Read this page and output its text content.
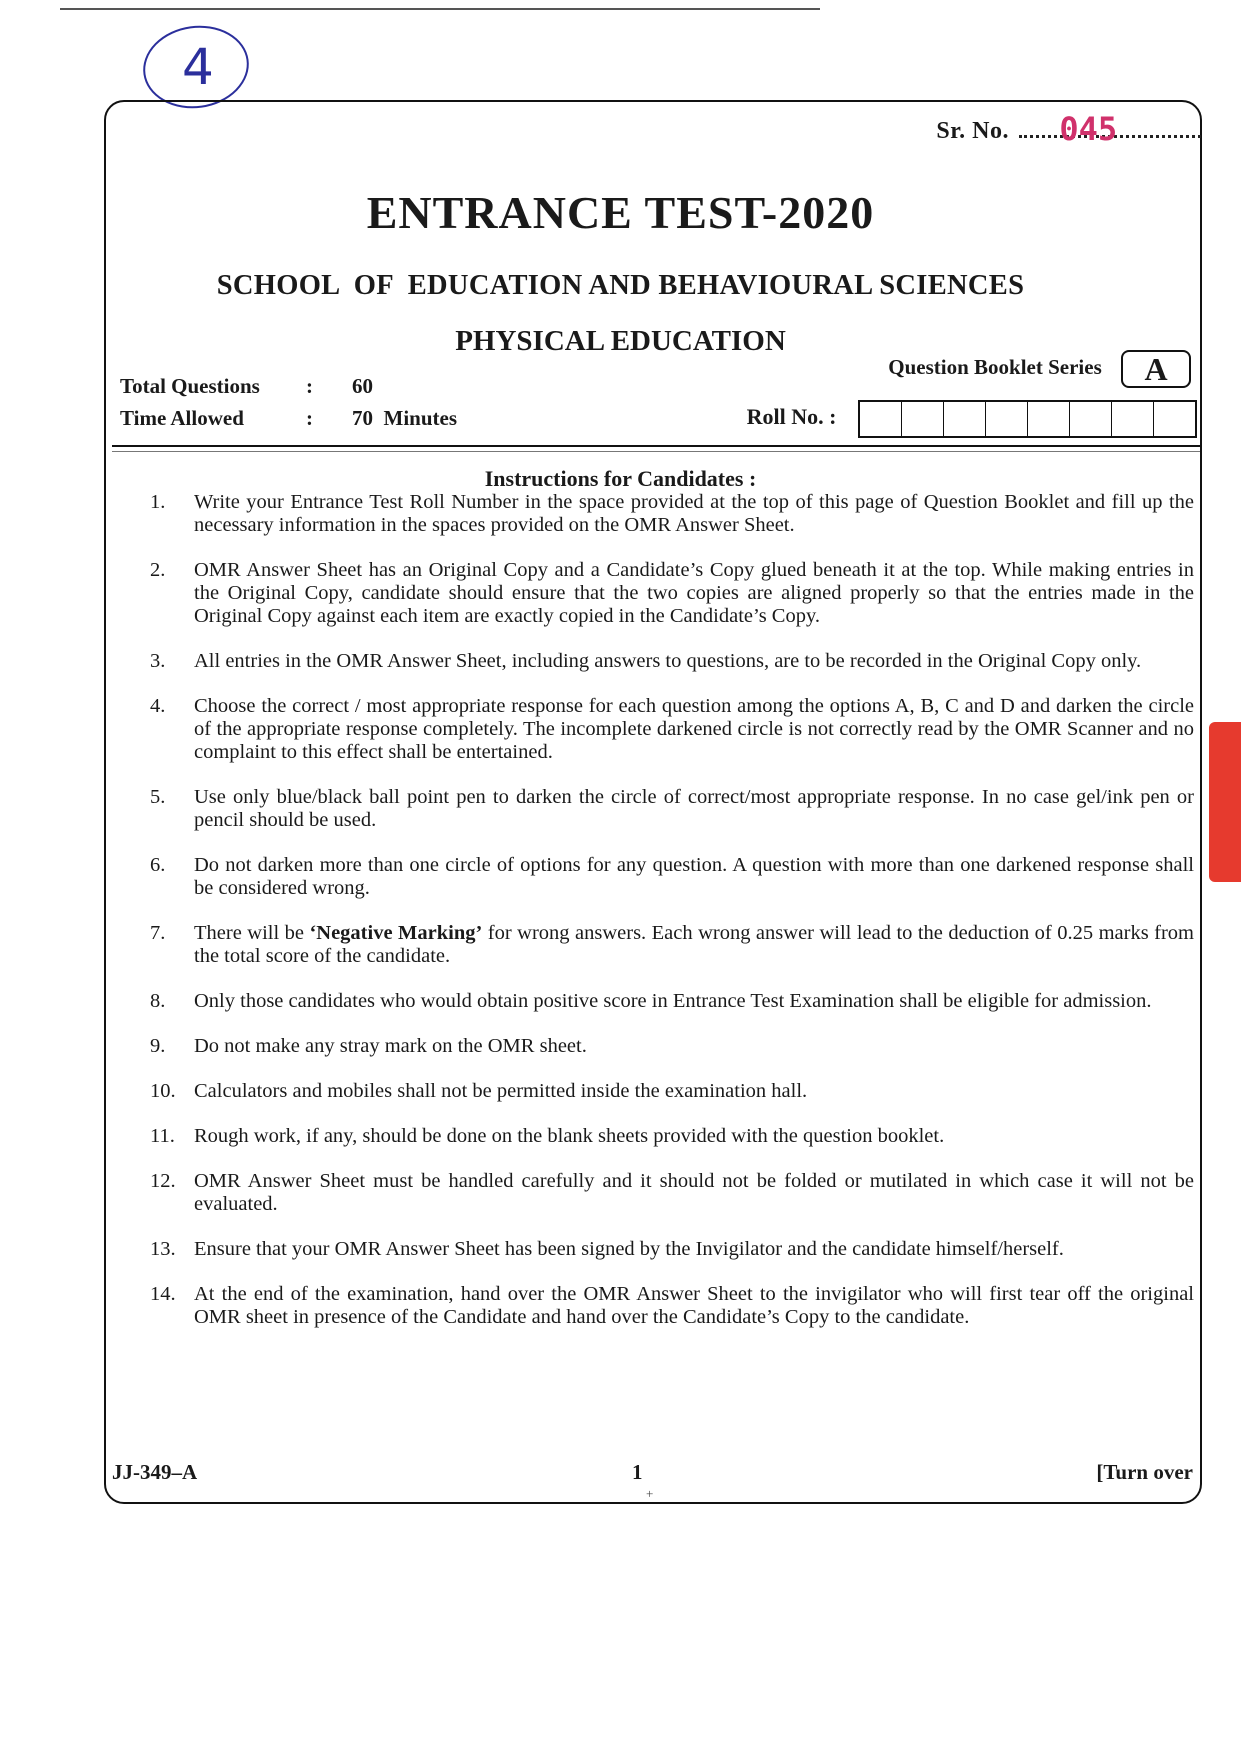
4
Sr. No. 045
ENTRANCE TEST-2020
SCHOOL  OF  EDUCATION AND BEHAVIOURAL SCIENCES
PHYSICAL EDUCATION
Question Booklet Series A
Total Questions : 60
Time Allowed	: 70  Minutes	Roll No. :
Instructions for Candidates :
1.	Write your Entrance Test Roll Number in the space provided at the top of this page of Question Booklet and fill up the necessary information in the spaces provided on the OMR Answer Sheet.
2.	OMR Answer Sheet has an Original Copy and a Candidate’s Copy glued beneath it at the top. While making entries in the Original Copy, candidate should ensure that the two copies are aligned properly so that the entries made in the Original Copy against each item are exactly copied in the Candidate’s Copy.
3.	All entries in the OMR Answer Sheet, including answers to questions, are to be recorded in the Original Copy only.
4.	Choose the correct / most appropriate response for each question among the options A, B, C and D and darken the circle of the appropriate response completely. The incomplete darkened circle is not correctly read by the OMR Scanner and no complaint to this effect shall be entertained.
5.	Use only blue/black ball point pen to darken the circle of correct/most appropriate response. In no case gel/ink pen or pencil should be used.
6.	Do not darken more than one circle of options for any question. A question with more than one darkened response shall be considered wrong.
7.	There will be ‘Negative Marking’ for wrong answers. Each wrong answer will lead to the deduction of 0.25 marks from the total score of the candidate.
8.	Only those candidates who would obtain positive score in Entrance Test Examination shall be eligible for admission.
9.	Do not make any stray mark on the OMR sheet.
10. Calculators and mobiles shall not be permitted inside the examination hall.
11. Rough work, if any, should be done on the blank sheets provided with the question booklet.
12. OMR Answer Sheet must be handled carefully and it should not be folded or mutilated in which case it will not be evaluated.
13. Ensure that your OMR Answer Sheet has been signed by the Invigilator and the candidate himself/herself.
14. At the end of the examination, hand over the OMR Answer Sheet to the invigilator who will first tear off the original OMR sheet in presence of the Candidate and hand over the Candidate’s Copy to the candidate.
JJ-349–A	1	[Turn over
+
